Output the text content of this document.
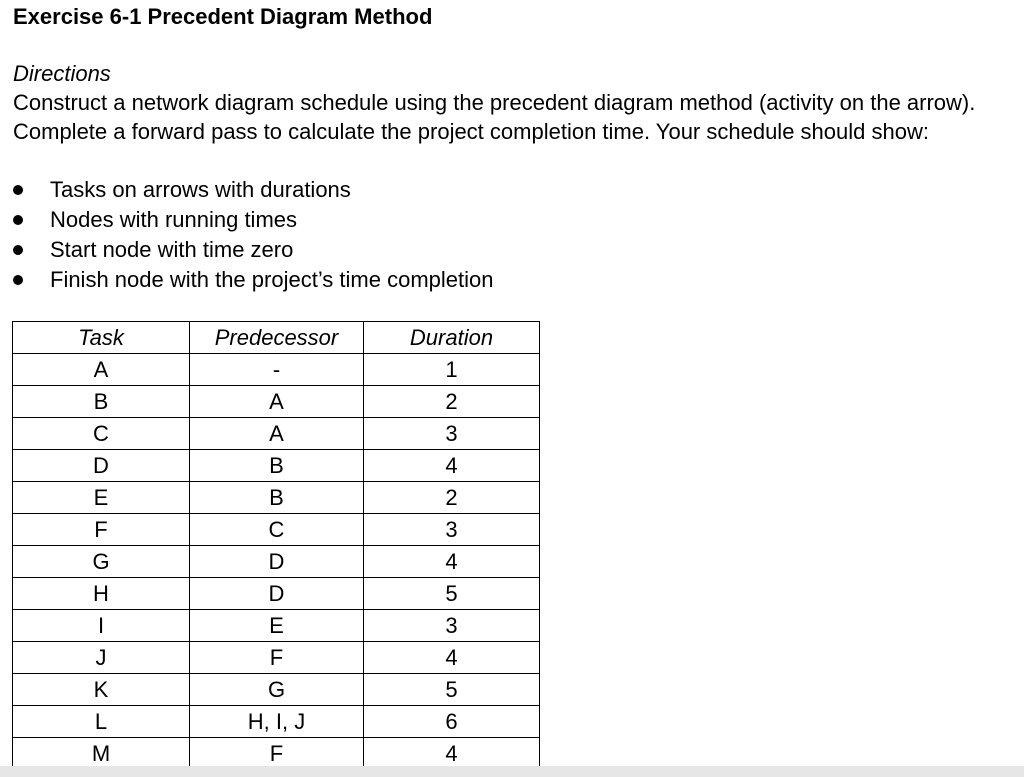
Exercise 6-1 Precedent Diagram Method
Directions

Construct a network diagram schedule using the precedent diagram method (activity on the arrow). Complete a forward pass to calculate the project completion time. Your schedule should show:

Tasks on arrows with durations
Nodes with running times
Start node with time zero
Finish node with the project’s time completion
Task	Predecessor	Duration
A	-	1
B	A	2
C	A	3
D	B	4
E	B	2
F	C	3
G	D	4
H	D	5
I	E	3
J	F	4
K	G	5
L	H, I, J	6
M	F	4
